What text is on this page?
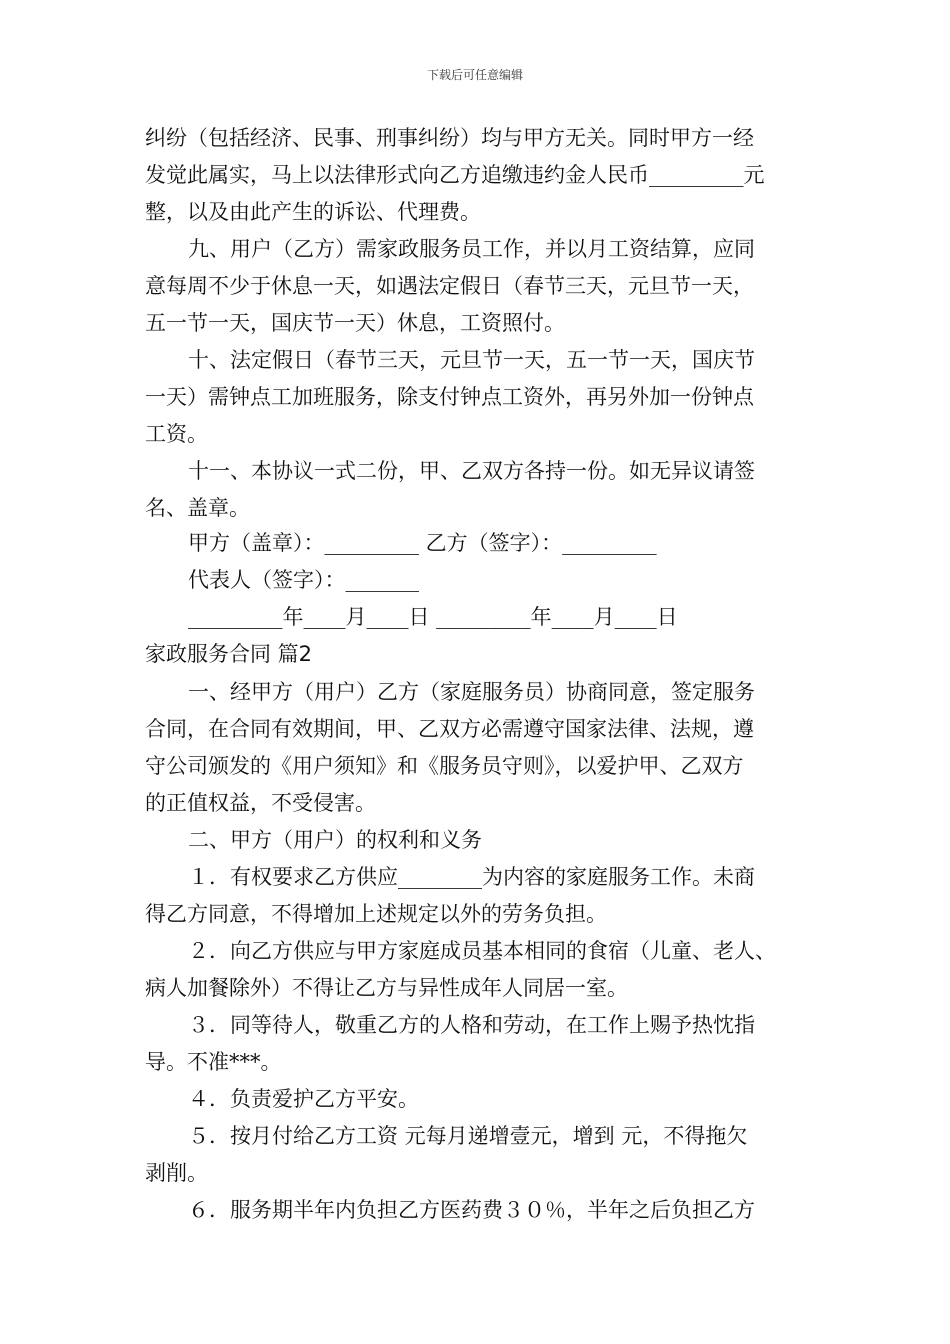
下载后可任意编辑
纠纷（包括经济、民事、刑事纠纷）均与甲方无关。同时甲方一经
发觉此属实，马上以法律形式向乙方追缴违约金人民币_________元
整，以及由此产生的诉讼、代理费。
九、用户（乙方）需家政服务员工作，并以月工资结算，应同
意每周不少于休息一天，如遇法定假日（春节三天，元旦节一天，
五一节一天，国庆节一天）休息，工资照付。
十、法定假日（春节三天，元旦节一天，五一节一天，国庆节
一天）需钟点工加班服务，除支付钟点工资外，再另外加一份钟点
工资。
十一、本协议一式二份，甲、乙双方各持一份。如无异议请签
名、盖章。
甲方（盖章）：_________ 乙方（签字）：_________
代表人（签字）：_______
_________年____月____日 _________年____月____日
家政服务合同 篇2
一、经甲方（用户）乙方（家庭服务员）协商同意，签定服务
合同，在合同有效期间，甲、乙双方必需遵守国家法律、法规，遵
守公司颁发的《用户须知》和《服务员守则》，以爱护甲、乙双方
的正值权益，不受侵害。
二、甲方（用户）的权利和义务
１．有权要求乙方供应________为内容的家庭服务工作。未商
得乙方同意，不得增加上述规定以外的劳务负担。
２．向乙方供应与甲方家庭成员基本相同的食宿（儿童、老人、
病人加餐除外）不得让乙方与异性成年人同居一室。
３．同等待人，敬重乙方的人格和劳动，在工作上赐予热忱指
导。不准***。
４．负责爱护乙方平安。
５．按月付给乙方工资 元每月递增壹元，增到 元，不得拖欠
剥削。
６．服务期半年内负担乙方医药费３０％，半年之后负担乙方
